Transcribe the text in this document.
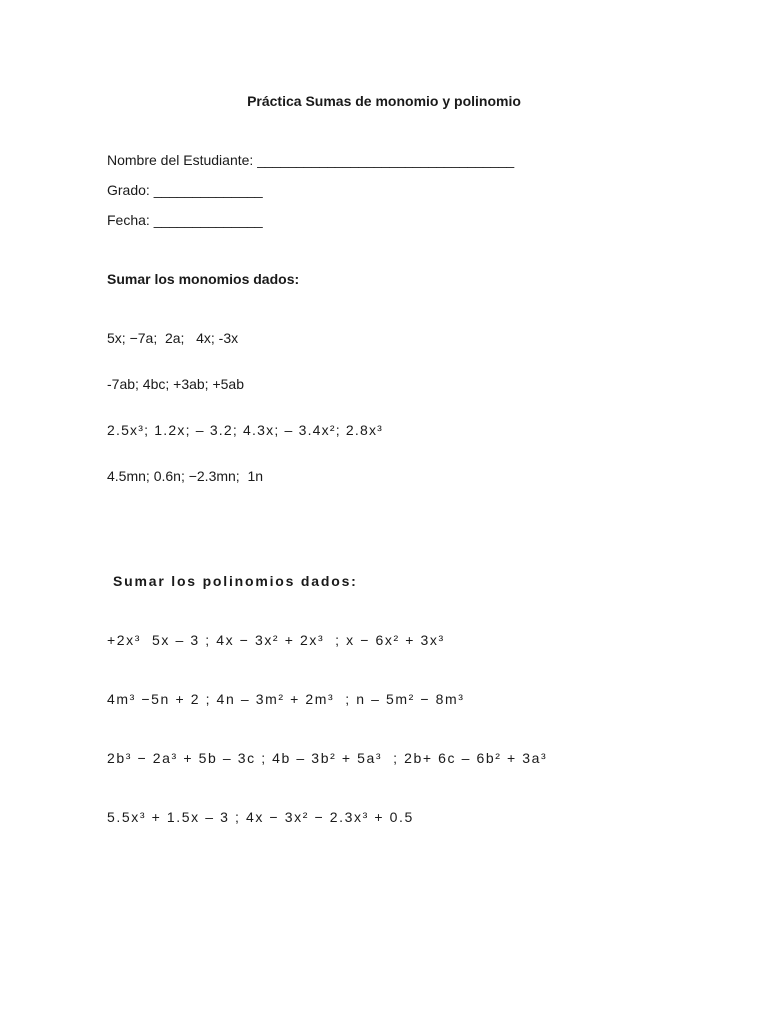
Práctica Sumas de monomio y polinomio
Nombre del Estudiante: _________________________________
Grado: ______________
Fecha: ______________
Sumar los monomios dados:
5x; −7a;  2a;   4x; -3x
-7ab; 4bc; +3ab; +5ab
2.5x³; 1.2x; – 3.2; 4.3x; – 3.4x²; 2.8x³
4.5mn; 0.6n; −2.3mn;  1n
Sumar los polinomios dados:
+2x³  5x – 3 ; 4x − 3x² + 2x³  ; x − 6x² + 3x³
4m³ −5n + 2 ; 4n – 3m² + 2m³  ; n – 5m² − 8m³
2b³ − 2a³ + 5b – 3c ; 4b – 3b² + 5a³  ; 2b+ 6c – 6b² + 3a³
5.5x³ + 1.5x – 3 ; 4x − 3x² − 2.3x³ + 0.5
